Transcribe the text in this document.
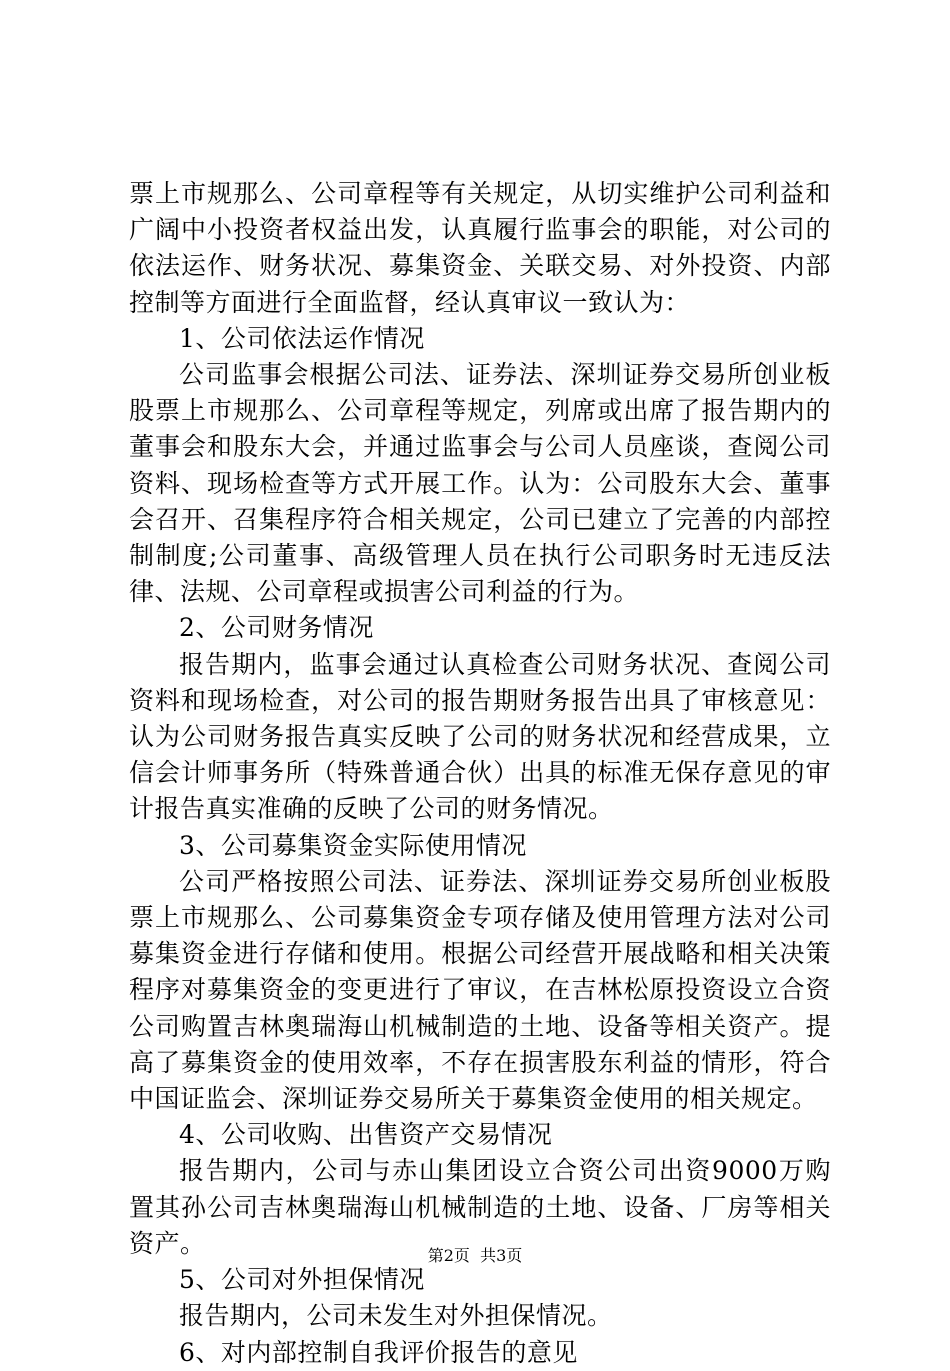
票上市规那么、公司章程等有关规定，从切实维护公司利益和广阔中小投资者权益出发，认真履行监事会的职能，对公司的依法运作、财务状况、募集资金、关联交易、对外投资、内部控制等方面进行全面监督，经认真审议一致认为：

1、公司依法运作情况

公司监事会根据公司法、证券法、深圳证券交易所创业板股票上市规那么、公司章程等规定，列席或出席了报告期内的董事会和股东大会，并通过监事会与公司人员座谈，查阅公司资料、现场检查等方式开展工作。认为：公司股东大会、董事会召开、召集程序符合相关规定，公司已建立了完善的内部控制制度;公司董事、高级管理人员在执行公司职务时无违反法律、法规、公司章程或损害公司利益的行为。

2、公司财务情况

报告期内，监事会通过认真检查公司财务状况、查阅公司资料和现场检查，对公司的报告期财务报告出具了审核意见：认为公司财务报告真实反映了公司的财务状况和经营成果，立信会计师事务所（特殊普通合伙）出具的标准无保存意见的审计报告真实准确的反映了公司的财务情况。

3、公司募集资金实际使用情况

公司严格按照公司法、证券法、深圳证券交易所创业板股票上市规那么、公司募集资金专项存储及使用管理方法对公司募集资金进行存储和使用。根据公司经营开展战略和相关决策程序对募集资金的变更进行了审议，在吉林松原投资设立合资公司购置吉林奥瑞海山机械制造的土地、设备等相关资产。提高了募集资金的使用效率，不存在损害股东利益的情形，符合中国证监会、深圳证券交易所关于募集资金使用的相关规定。

4、公司收购、出售资产交易情况

报告期内，公司与赤山集团设立合资公司出资9000万购置其孙公司吉林奥瑞海山机械制造的土地、设备、厂房等相关资产。

5、公司对外担保情况

报告期内，公司未发生对外担保情况。

6、对内部控制自我评价报告的意见

第2页 共3页
